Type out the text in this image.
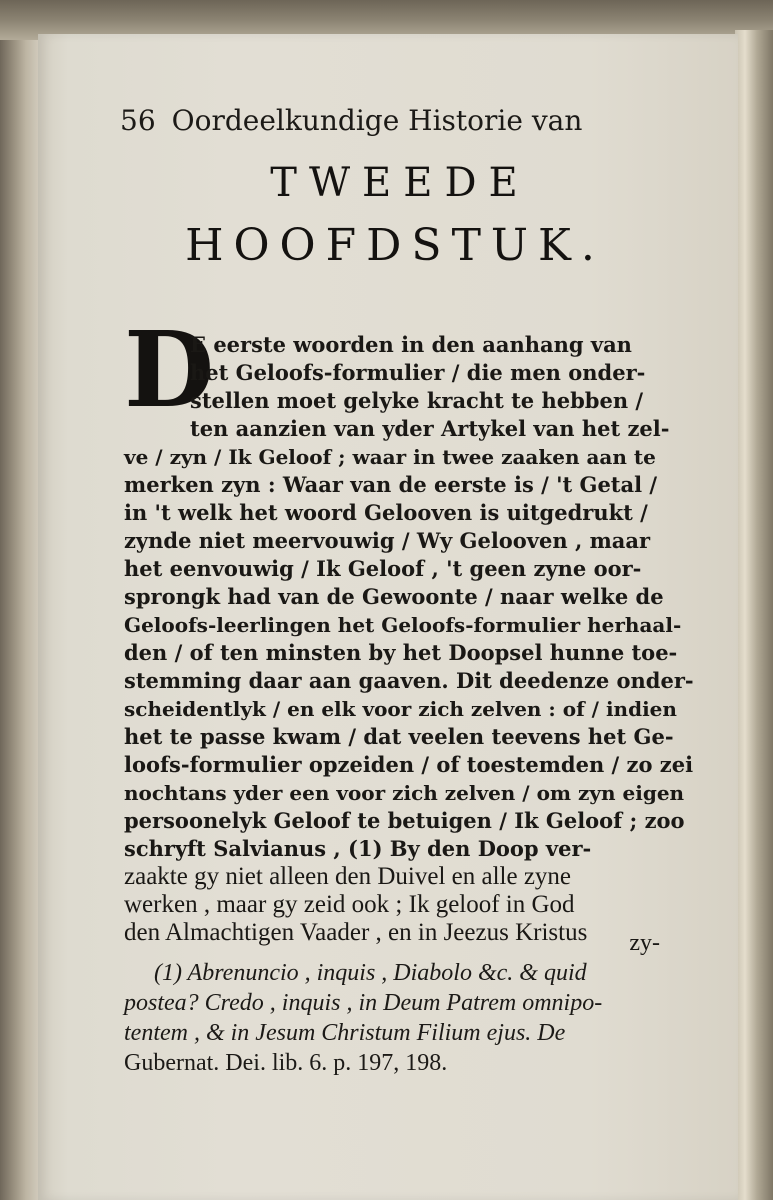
56 Oordeelkundige Historie van
TWEEDE
HOOFDSTUK.
D
E eerste woorden in den aanhang van
het Geloofs-formulier / die men onder-
stellen moet gelyke kracht te hebben /
ten aanzien van yder Artykel van het zel-
ve / zyn / Ik Geloof ; waar in twee zaaken aan te
merken zyn : Waar van de eerste is / 't Getal /
in 't welk het woord Gelooven is uitgedrukt /
zynde niet meervouwig / Wy Gelooven , maar
het eenvouwig / Ik Geloof , 't geen zyne oor-
sprongk had van de Gewoonte / naar welke de
Geloofs-leerlingen het Geloofs-formulier herhaal-
den / of ten minsten by het Doopsel hunne toe-
stemming daar aan gaaven. Dit deedenze onder-
scheidentlyk / en elk voor zich zelven : of / indien
het te passe kwam / dat veelen teevens het Ge-
loofs-formulier opzeiden / of toestemden / zo zei
nochtans yder een voor zich zelven / om zyn eigen
persoonelyk Geloof te betuigen / Ik Geloof ; zoo
schryft Salvianus , (1) By den Doop ver-
zaakte gy niet alleen den Duivel en alle zyne
werken , maar gy zeid ook ; Ik geloof in God
den Almachtigen Vaader , en in Jeezus Kristus	zy-
(1) Abrenuncio , inquis , Diabolo &c. & quid
postea? Credo , inquis , in Deum Patrem omnipo-
tentem , & in Jesum Christum Filium ejus. De
Gubernat. Dei. lib. 6. p. 197, 198.
